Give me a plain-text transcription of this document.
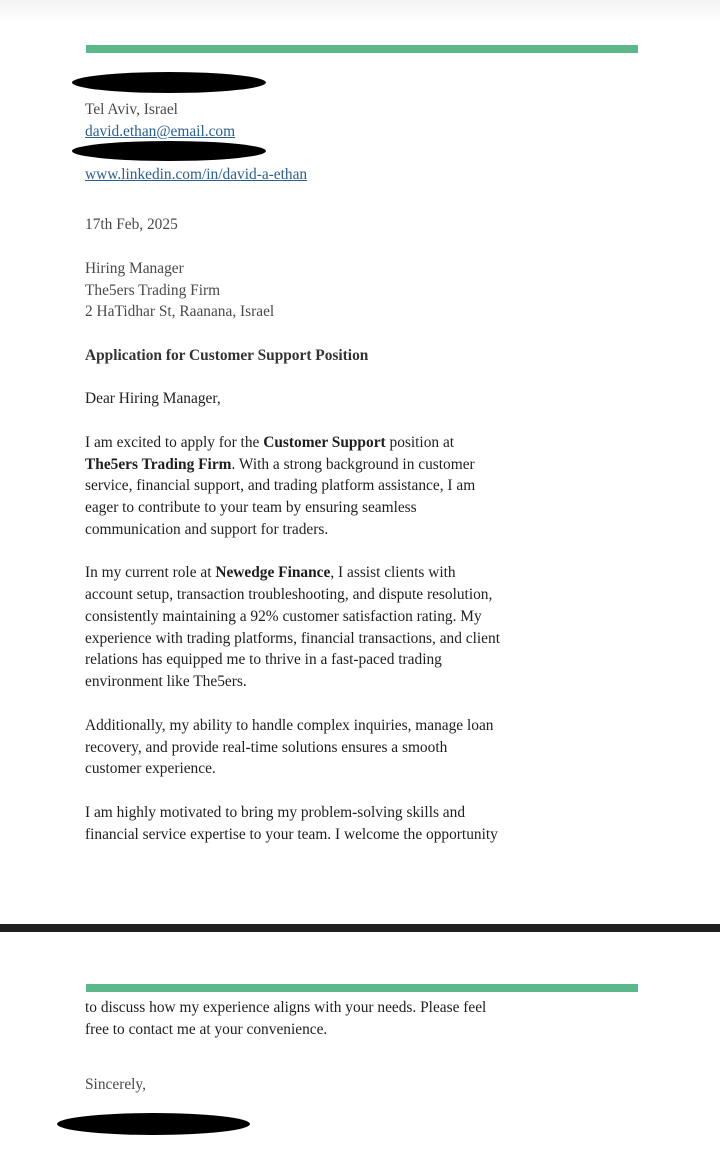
Tel Aviv, Israel
david.ethan@email.com
www.linkedin.com/in/david-a-ethan
17th Feb, 2025
Hiring Manager
The5ers Trading Firm
2 HaTidhar St, Raanana, Israel
Application for Customer Support Position
Dear Hiring Manager,
I am excited to apply for the Customer Support position at
The5ers Trading Firm. With a strong background in customer
service, financial support, and trading platform assistance, I am
eager to contribute to your team by ensuring seamless
communication and support for traders.
In my current role at Newedge Finance, I assist clients with
account setup, transaction troubleshooting, and dispute resolution,
consistently maintaining a 92% customer satisfaction rating. My
experience with trading platforms, financial transactions, and client
relations has equipped me to thrive in a fast-paced trading
environment like The5ers.
Additionally, my ability to handle complex inquiries, manage loan
recovery, and provide real-time solutions ensures a smooth
customer experience.
I am highly motivated to bring my problem-solving skills and
financial service expertise to your team. I welcome the opportunity
to discuss how my experience aligns with your needs. Please feel
free to contact me at your convenience.
Sincerely,
